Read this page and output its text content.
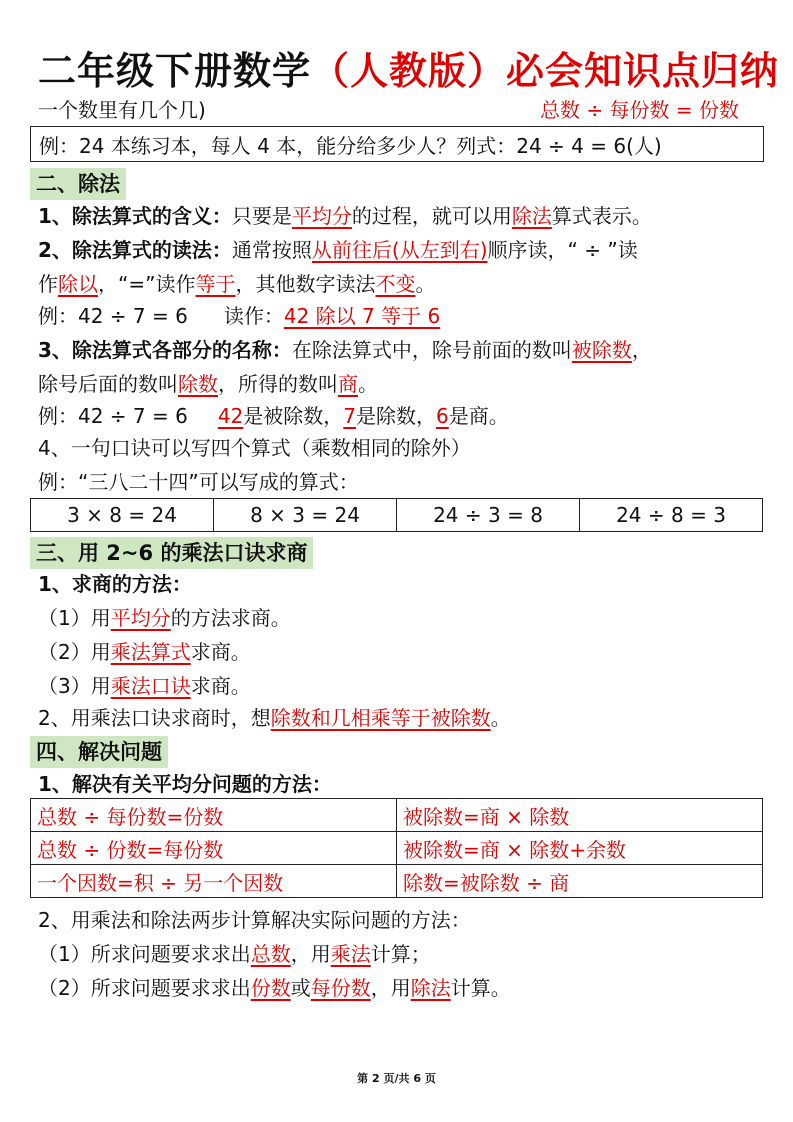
二年级下册数学（人教版）必会知识点归纳
一个数里有几个几)	总数 ÷ 每份数 = 份数
例：24 本练习本，每人 4 本，能分给多少人？列式：24 ÷ 4 = 6(人)
二、除法
1、除法算式的含义：只要是平均分的过程，就可以用除法算式表示。
2、除法算式的读法：通常按照从前往后(从左到右)顺序读，“ ÷ ”读
作除以，“=”读作等于，其他数字读法不变。
例：42 ÷ 7 = 6 读作：42 除以 7 等于 6
3、除法算式各部分的名称：在除法算式中，除号前面的数叫被除数，
除号后面的数叫除数，所得的数叫商。
例：42 ÷ 7 = 6 42是被除数，7是除数，6是商。
4、一句口诀可以写四个算式（乘数相同的除外）
例：“三八二十四”可以写成的算式：
3 × 8 = 24	8 × 3 = 24	24 ÷ 3 = 8	24 ÷ 8 = 3
三、用 2~6 的乘法口诀求商
1、求商的方法：
（1）用平均分的方法求商。
（2）用乘法算式求商。
（3）用乘法口诀求商。
2、用乘法口诀求商时，想除数和几相乘等于被除数。
四、解决问题
1、解决有关平均分问题的方法：
总数 ÷ 每份数=份数	被除数=商 × 除数
总数 ÷ 份数=每份数	被除数=商 × 除数+余数
一个因数=积 ÷ 另一个因数	除数=被除数 ÷ 商
2、用乘法和除法两步计算解决实际问题的方法：
（1）所求问题要求求出总数，用乘法计算；
（2）所求问题要求求出份数或每份数，用除法计算。
第 2 页/共 6 页
